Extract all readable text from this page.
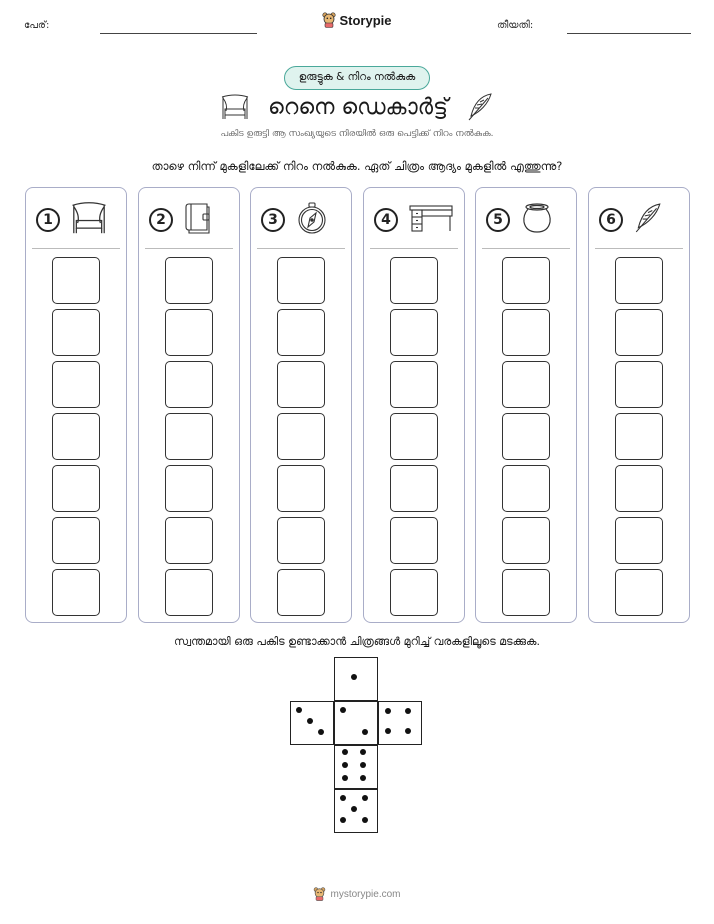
പേര്:	Storypie	തീയതി:
ഉരുട്ടുക & നിറം നൽകുക
റെനെ ഡെകാർട്ട്
പകിട ഉരുട്ടി ആ സംഖ്യയുടെ നിരയിൽ ഒരു പെട്ടിക്ക് നിറം നൽകുക.
താഴെ നിന്ന് മുകളിലേക്ക് നിറം നൽകുക. ഏത് ചിത്രം ആദ്യം മുകളിൽ എത്തുന്നു?
1	2	3	4	5	6
സ്വന്തമായി ഒരു പകിട ഉണ്ടാക്കാൻ ചിത്രങ്ങൾ മുറിച്ച് വരകളിലൂടെ മടക്കുക.
mystorypie.com
